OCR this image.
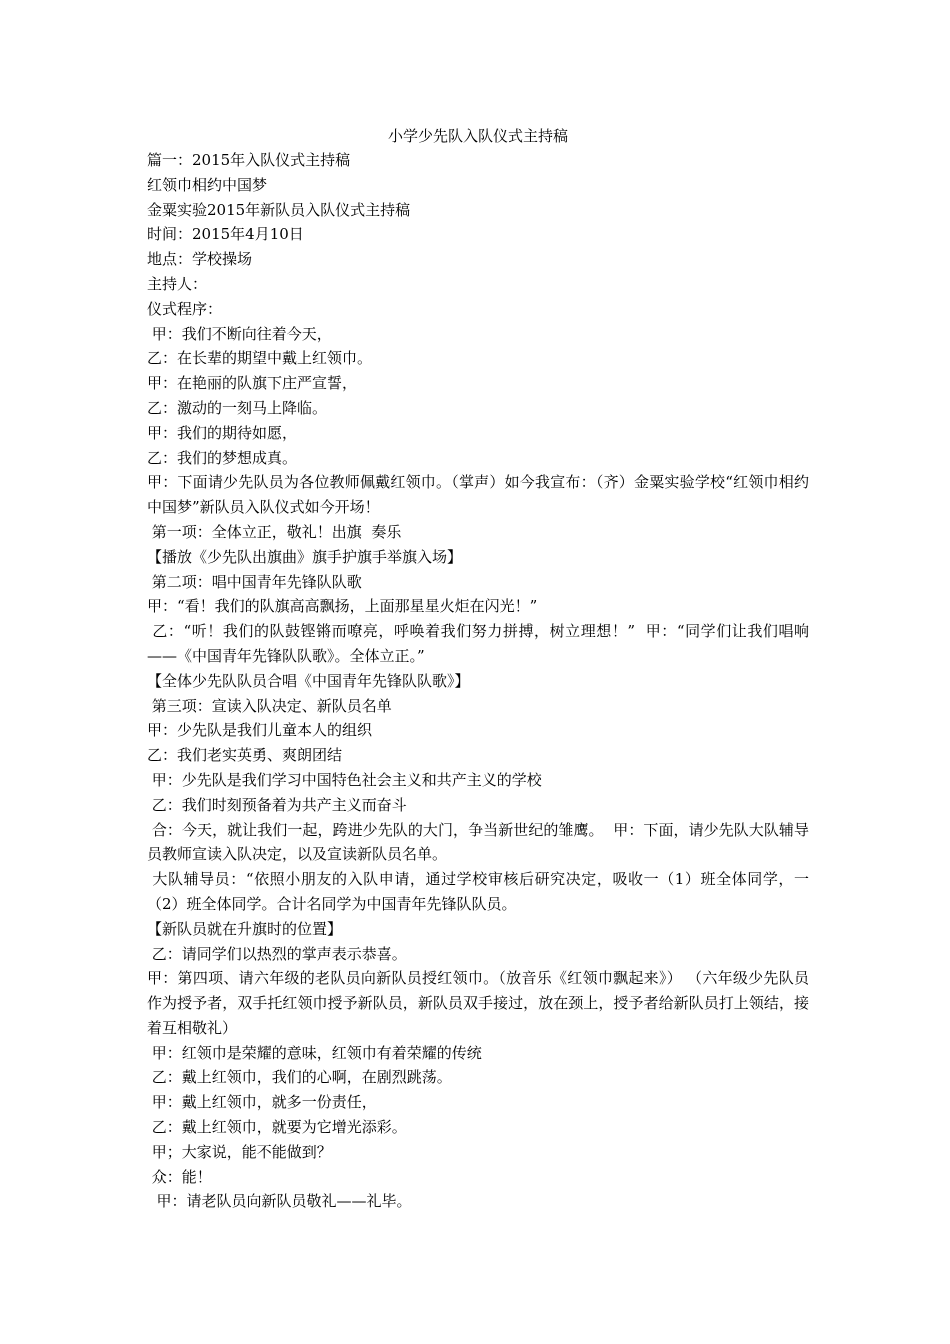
小学少先队入队仪式主持稿

篇一：2015年入队仪式主持稿

红领巾相约中国梦

金粟实验2015年新队员入队仪式主持稿

时间：2015年4月10日

地点：学校操场

主持人：

仪式程序：

甲：我们不断向往着今天，

乙：在长辈的期望中戴上红领巾。

甲：在艳丽的队旗下庄严宣誓，

乙：激动的一刻马上降临。

甲：我们的期待如愿，

乙：我们的梦想成真。

甲：下面请少先队员为各位教师佩戴红领巾。（掌声）如今我宣布：（齐）金粟实验学校“红领巾相约中国梦”新队员入队仪式如今开场！

第一项：全体立正，敬礼！出旗  奏乐

【播放《少先队出旗曲》旗手护旗手举旗入场】

第二项：唱中国青年先锋队队歌

甲：“看！我们的队旗高高飘扬，上面那星星火炬在闪光！”

乙：“听！我们的队鼓铿锵而嘹亮，呼唤着我们努力拼搏，树立理想！”  甲：“同学们让我们唱响——《中国青年先锋队队歌》。全体立正。”

【全体少先队队员合唱《中国青年先锋队队歌》】

第三项：宣读入队决定、新队员名单

甲：少先队是我们儿童本人的组织

乙：我们老实英勇、爽朗团结

甲：少先队是我们学习中国特色社会主义和共产主义的学校

乙：我们时刻预备着为共产主义而奋斗

合：今天，就让我们一起，跨进少先队的大门，争当新世纪的雏鹰。  甲：下面，请少先队大队辅导员教师宣读入队决定，以及宣读新队员名单。

大队辅导员：“依照小朋友的入队申请，通过学校审核后研究决定，吸收一（1）班全体同学，一（2）班全体同学。合计名同学为中国青年先锋队队员。

【新队员就在升旗时的位置】

乙：请同学们以热烈的掌声表示恭喜。

甲：第四项、请六年级的老队员向新队员授红领巾。（放音乐《红领巾飘起来》） （六年级少先队员作为授予者，双手托红领巾授予新队员，新队员双手接过，放在颈上，授予者给新队员打上领结，接着互相敬礼）

甲：红领巾是荣耀的意味，红领巾有着荣耀的传统

乙：戴上红领巾，我们的心啊，在剧烈跳荡。

甲：戴上红领巾，就多一份责任，

乙：戴上红领巾，就要为它增光添彩。

甲；大家说，能不能做到？

众：能！

甲：请老队员向新队员敬礼——礼毕。
